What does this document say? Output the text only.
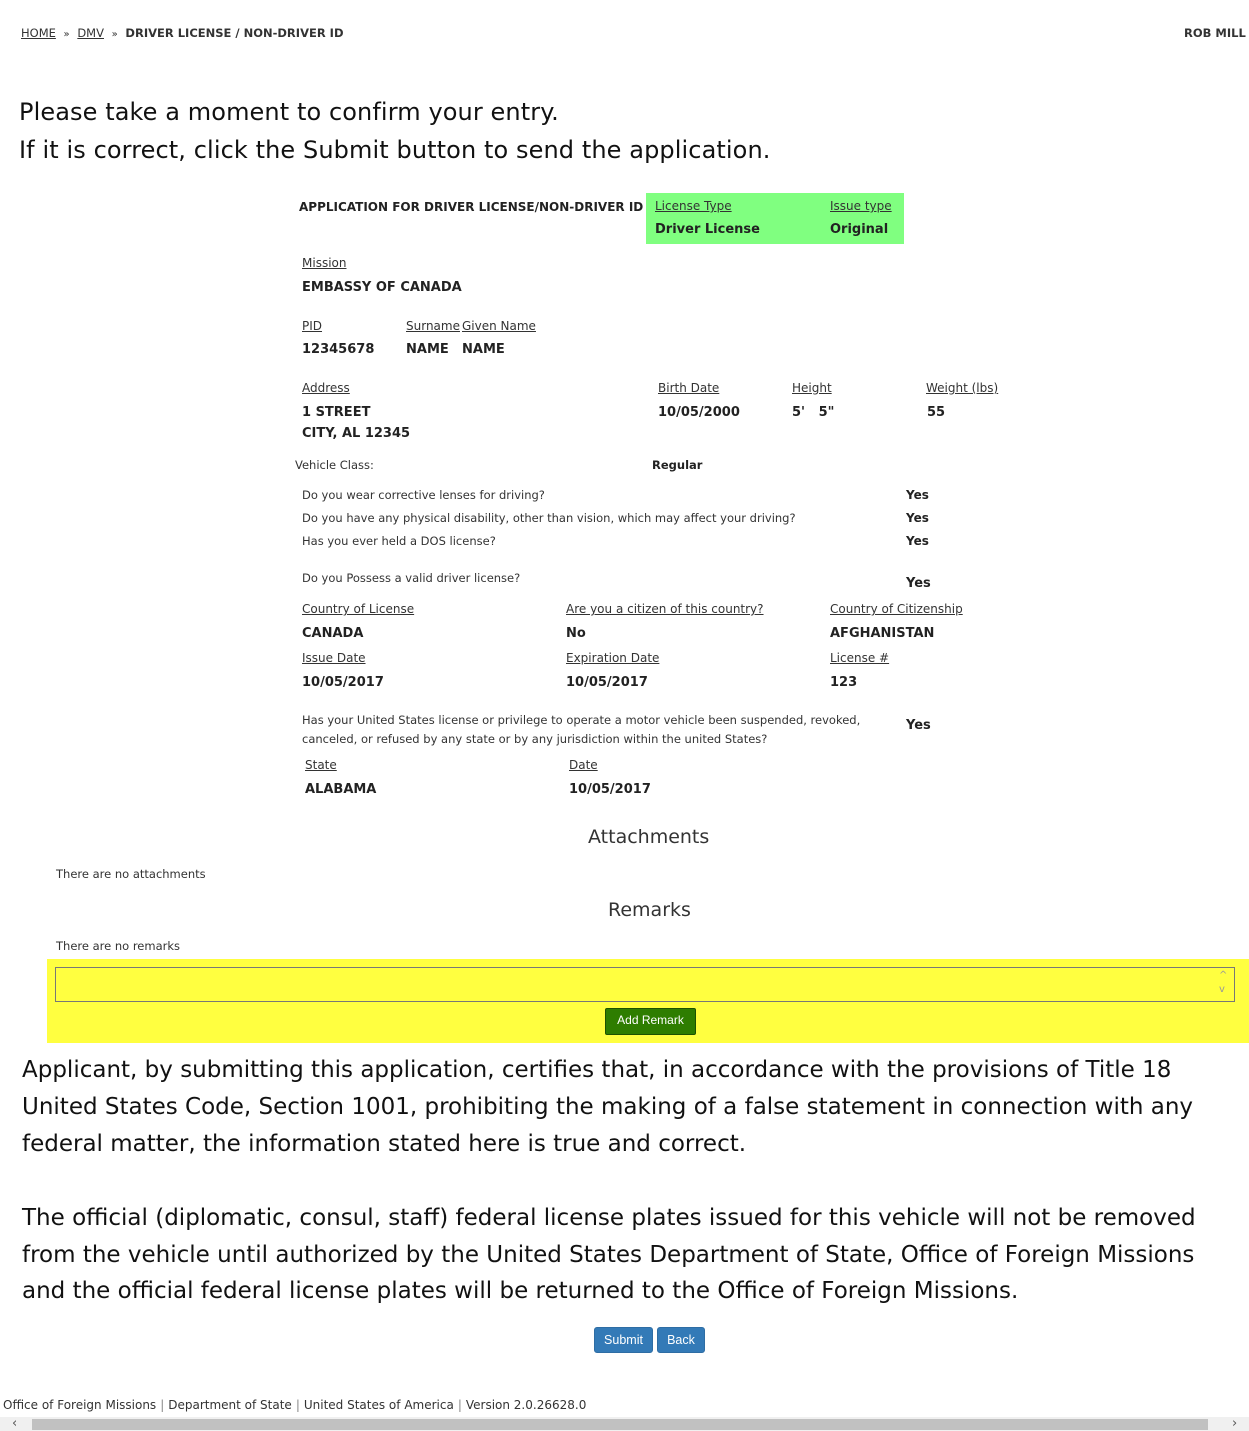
HOME » DMV » DRIVER LICENSE / NON-DRIVER ID	ROB MILL
Please take a moment to confirm your entry.
If it is correct, click the Submit button to send the application.
APPLICATION FOR DRIVER LICENSE/NON-DRIVER ID License Type
Driver License
Issue type
Original
Mission
EMBASSY OF CANADA
PID
12345678
Surname
NAME
Given Name
NAME
Address
1 STREET
CITY, AL 12345
Birth Date
10/05/2000
Height
5'   5"
Weight (lbs)
55
Vehicle Class:	Regular
Do you wear corrective lenses for driving?	Yes
Do you have any physical disability, other than vision, which may affect your driving?	Yes
Has you ever held a DOS license?	Yes
Do you Possess a valid driver license?	Yes
Country of License
CANADA
Are you a citizen of this country?
No
Country of Citizenship
AFGHANISTAN
Issue Date
10/05/2017
Expiration Date
10/05/2017
License #
123
Has your United States license or privilege to operate a motor vehicle been suspended, revoked,
canceled, or refused by any state or by any jurisdiction within the united States?
Yes
State
ALABAMA
Date
10/05/2017
Attachments
There are no attachments
Remarks
There are no remarks
^
v
Add Remark
Applicant, by submitting this application, certifies that, in accordance with the provisions of Title 18
United States Code, Section 1001, prohibiting the making of a false statement in connection with any
federal matter, the information stated here is true and correct.
The official (diplomatic, consul, staff) federal license plates issued for this vehicle will not be removed
from the vehicle until authorized by the United States Department of State, Office of Foreign Missions
and the official federal license plates will be returned to the Office of Foreign Missions.
Submit	Back
Office of Foreign Missions | Department of State | United States of America | Version 2.0.26628.0
‹	›
